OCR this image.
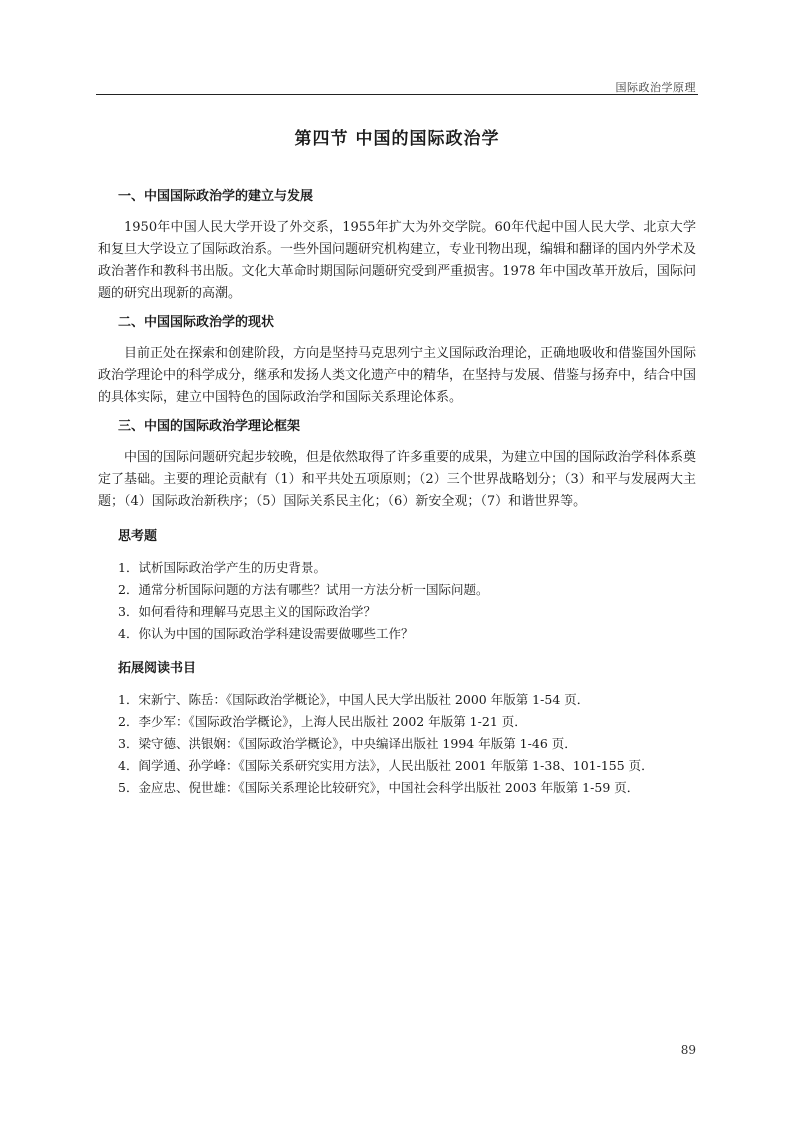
国际政治学原理
第四节 中国的国际政治学
一、中国国际政治学的建立与发展

1950年中国人民大学开设了外交系，1955年扩大为外交学院。60年代起中国人民大学、北京大学和复旦大学设立了国际政治系。一些外国问题研究机构建立，专业刊物出现，编辑和翻译的国内外学术及政治著作和教科书出版。文化大革命时期国际问题研究受到严重损害。1978 年中国改革开放后，国际问题的研究出现新的高潮。

二、中国国际政治学的现状

目前正处在探索和创建阶段，方向是坚持马克思列宁主义国际政治理论，正确地吸收和借鉴国外国际政治学理论中的科学成分，继承和发扬人类文化遗产中的精华，在坚持与发展、借鉴与扬弃中，结合中国的具体实际，建立中国特色的国际政治学和国际关系理论体系。

三、中国的国际政治学理论框架

中国的国际问题研究起步较晚，但是依然取得了许多重要的成果，为建立中国的国际政治学科体系奠定了基础。主要的理论贡献有（1）和平共处五项原则；（2）三个世界战略划分；（3）和平与发展两大主题；（4）国际政治新秩序；（5）国际关系民主化；（6）新安全观；（7）和谐世界等。

思考题
1．试析国际政治学产生的历史背景。
2．通常分析国际问题的方法有哪些？试用一方法分析一国际问题。
3．如何看待和理解马克思主义的国际政治学？
4．你认为中国的国际政治学科建设需要做哪些工作？
拓展阅读书目
1．宋新宁、陈岳：《国际政治学概论》，中国人民大学出版社 2000 年版第 1-54 页．
2．李少军：《国际政治学概论》，上海人民出版社 2002 年版第 1-21 页．
3．梁守德、洪银娴：《国际政治学概论》，中央编译出版社 1994 年版第 1-46 页．
4．阎学通、孙学峰：《国际关系研究实用方法》，人民出版社 2001 年版第 1-38、101-155 页．
5．金应忠、倪世雄：《国际关系理论比较研究》，中国社会科学出版社 2003 年版第 1-59 页．
89
